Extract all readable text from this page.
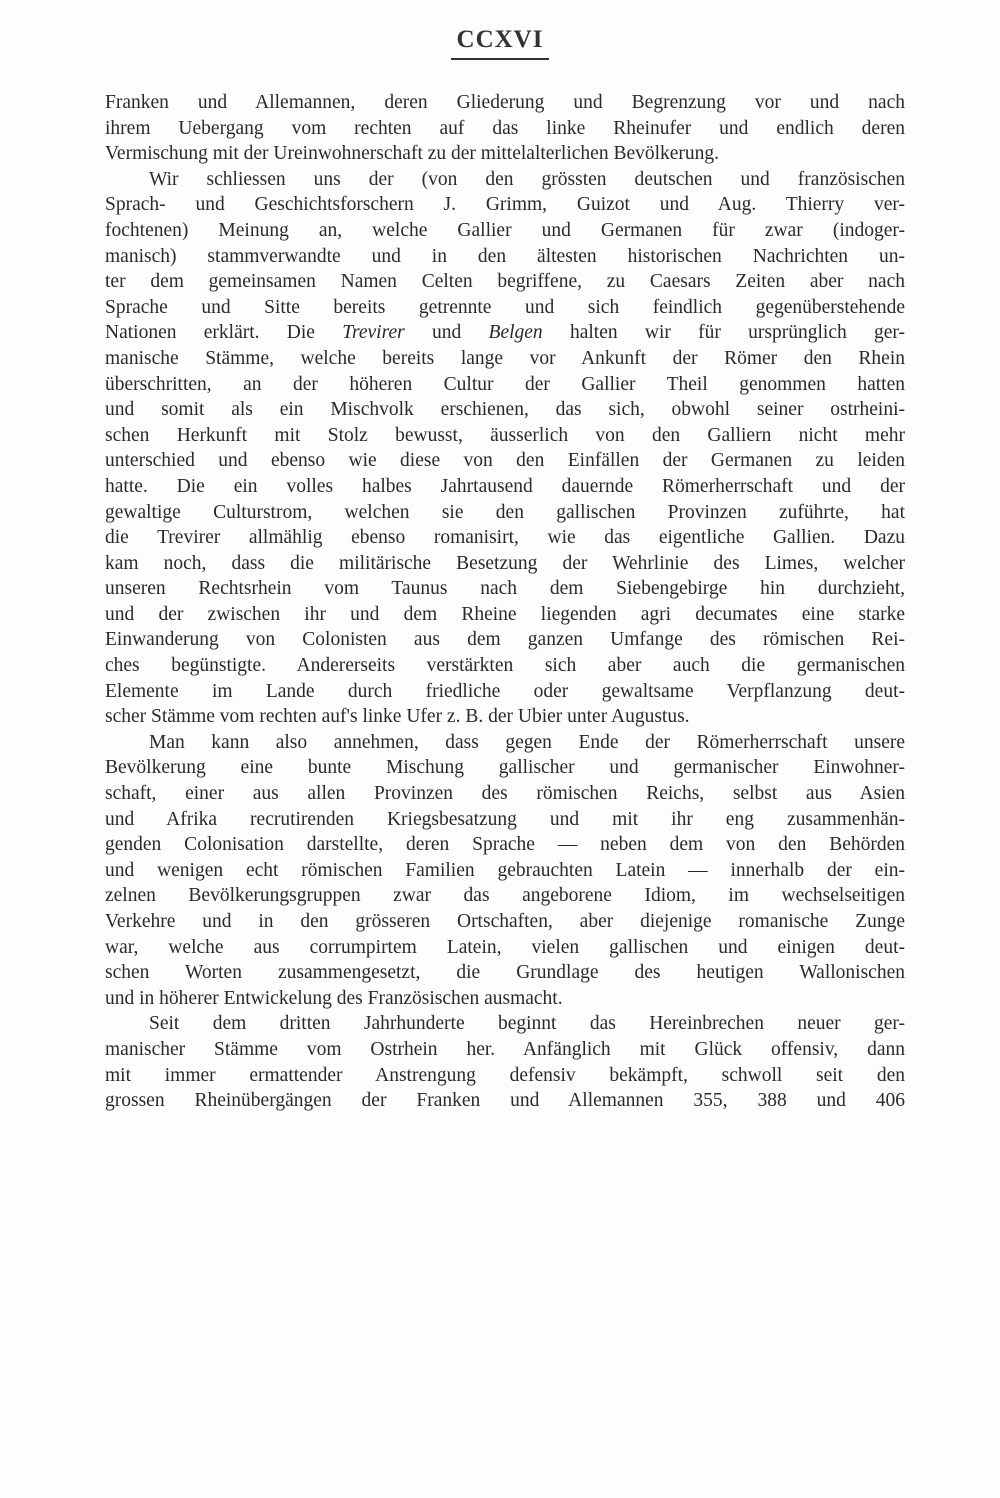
CCXVI
Franken und Allemannen, deren Gliederung und Begrenzung vor und nach
ihrem Uebergang vom rechten auf das linke Rheinufer und endlich deren
Vermischung mit der Ureinwohnerschaft zu der mittelalterlichen Bevölkerung.
Wir schliessen uns der (von den grössten deutschen und französischen
Sprach- und Geschichtsforschern J. Grimm, Guizot und Aug. Thierry ver-
fochtenen) Meinung an, welche Gallier und Germanen für zwar (indoger-
manisch) stammverwandte und in den ältesten historischen Nachrichten un-
ter dem gemeinsamen Namen Celten begriffene, zu Caesars Zeiten aber nach
Sprache und Sitte bereits getrennte und sich feindlich gegenüberstehende
Nationen erklärt. Die Trevirer und Belgen halten wir für ursprünglich ger-
manische Stämme, welche bereits lange vor Ankunft der Römer den Rhein
überschritten, an der höheren Cultur der Gallier Theil genommen hatten
und somit als ein Mischvolk erschienen, das sich, obwohl seiner ostrheini-
schen Herkunft mit Stolz bewusst, äusserlich von den Galliern nicht mehr
unterschied und ebenso wie diese von den Einfällen der Germanen zu leiden
hatte. Die ein volles halbes Jahrtausend dauernde Römerherrschaft und der
gewaltige Culturstrom, welchen sie den gallischen Provinzen zuführte, hat
die Trevirer allmählig ebenso romanisirt, wie das eigentliche Gallien. Dazu
kam noch, dass die militärische Besetzung der Wehrlinie des Limes, welcher
unseren Rechtsrhein vom Taunus nach dem Siebengebirge hin durchzieht,
und der zwischen ihr und dem Rheine liegenden agri decumates eine starke
Einwanderung von Colonisten aus dem ganzen Umfange des römischen Rei-
ches begünstigte. Andererseits verstärkten sich aber auch die germanischen
Elemente im Lande durch friedliche oder gewaltsame Verpflanzung deut-
scher Stämme vom rechten auf's linke Ufer z. B. der Ubier unter Augustus.
Man kann also annehmen, dass gegen Ende der Römerherrschaft unsere
Bevölkerung eine bunte Mischung gallischer und germanischer Einwohner-
schaft, einer aus allen Provinzen des römischen Reichs, selbst aus Asien
und Afrika recrutirenden Kriegsbesatzung und mit ihr eng zusammenhän-
genden Colonisation darstellte, deren Sprache — neben dem von den Behörden
und wenigen echt römischen Familien gebrauchten Latein — innerhalb der ein-
zelnen Bevölkerungsgruppen zwar das angeborene Idiom, im wechselseitigen
Verkehre und in den grösseren Ortschaften, aber diejenige romanische Zunge
war, welche aus corrumpirtem Latein, vielen gallischen und einigen deut-
schen Worten zusammengesetzt, die Grundlage des heutigen Wallonischen
und in höherer Entwickelung des Französischen ausmacht.
Seit dem dritten Jahrhunderte beginnt das Hereinbrechen neuer ger-
manischer Stämme vom Ostrhein her. Anfänglich mit Glück offensiv, dann
mit immer ermattender Anstrengung defensiv bekämpft, schwoll seit den
grossen Rheinübergängen der Franken und Allemannen 355, 388 und 406
